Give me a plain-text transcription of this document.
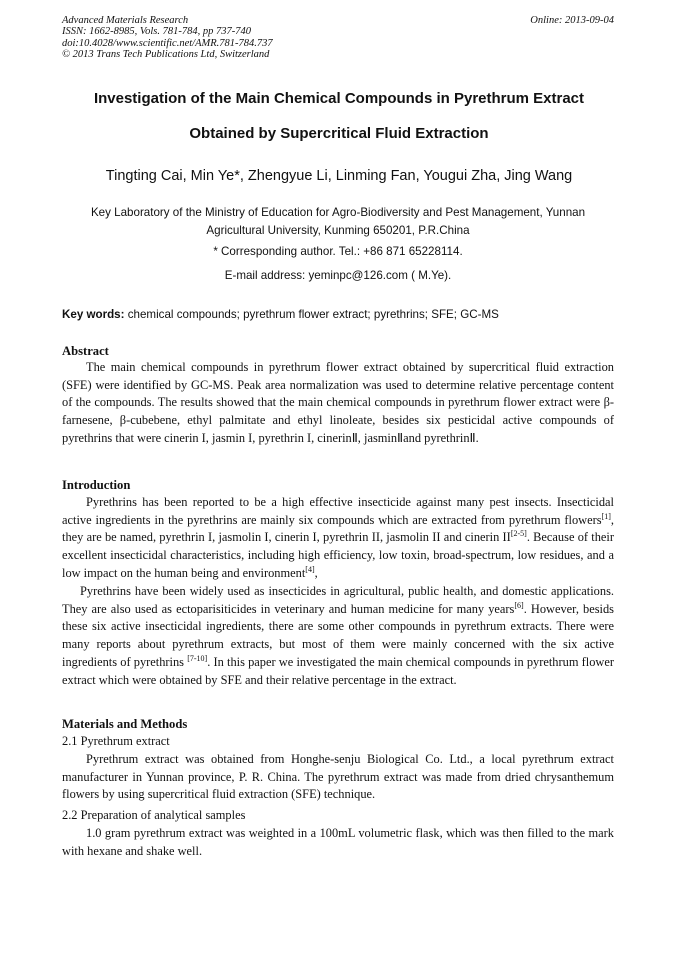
Advanced Materials Research
ISSN: 1662-8985, Vols. 781-784, pp 737-740
doi:10.4028/www.scientific.net/AMR.781-784.737
© 2013 Trans Tech Publications Ltd, Switzerland
Online: 2013-09-04
Investigation of the Main Chemical Compounds in Pyrethrum Extract
Obtained by Supercritical Fluid Extraction
Tingting Cai, Min Ye*, Zhengyue Li, Linming Fan, Yougui Zha, Jing Wang
Key Laboratory of the Ministry of Education for Agro-Biodiversity and Pest Management, Yunnan Agricultural University, Kunming 650201, P.R.China
* Corresponding author. Tel.: +86 871 65228114.
E-mail address: yeminpc@126.com ( M.Ye).
Key words: chemical compounds; pyrethrum flower extract; pyrethrins; SFE; GC-MS
Abstract

The main chemical compounds in pyrethrum flower extract obtained by supercritical fluid extraction (SFE) were identified by GC-MS. Peak area normalization was used to determine relative percentage content of the compounds. The results showed that the main chemical compounds in pyrethrum flower extract were β-farnesene, β-cubebene, ethyl palmitate and ethyl linoleate, besides six pesticidal active compounds of pyrethrins that were cinerin I, jasmin I, pyrethrin I, cinerinⅡ, jasminⅡand pyrethrinⅡ.

Introduction

Pyrethrins has been reported to be a high effective insecticide against many pest insects. Insecticidal active ingredients in the pyrethrins are mainly six compounds which are extracted from pyrethrum flowers[1], they are be named, pyrethrin I, jasmolin I, cinerin I, pyrethrin II, jasmolin II and cinerin II[2-5]. Because of their excellent insecticidal characteristics, including high efficiency, low toxin, broad-spectrum, low residues, and a low impact on the human being and environment[4],

Pyrethrins have been widely used as insecticides in agricultural, public health, and domestic applications. They are also used as ectoparisiticides in veterinary and human medicine for many years[6]. However, besids these six active insecticidal ingredients, there are some other compounds in pyrethrum extracts. There were many reports about pyrethrum extracts, but most of them were mainly concerned with the six active ingredients of pyrethrins [7-10]. In this paper we investigated the main chemical compounds in pyrethrum flower extract which were obtained by SFE and their relative percentage in the extract.

Materials and Methods
2.1 Pyrethrum extract

Pyrethrum extract was obtained from Honghe-senju Biological Co. Ltd., a local pyrethrum extract manufacturer in Yunnan province, P. R. China. The pyrethrum extract was made from dried chrysanthemum flowers by using supercritical fluid extraction (SFE) technique.

2.2 Preparation of analytical samples

1.0 gram pyrethrum extract was weighted in a 100mL volumetric flask, which was then filled to the mark with hexane and shake well.
